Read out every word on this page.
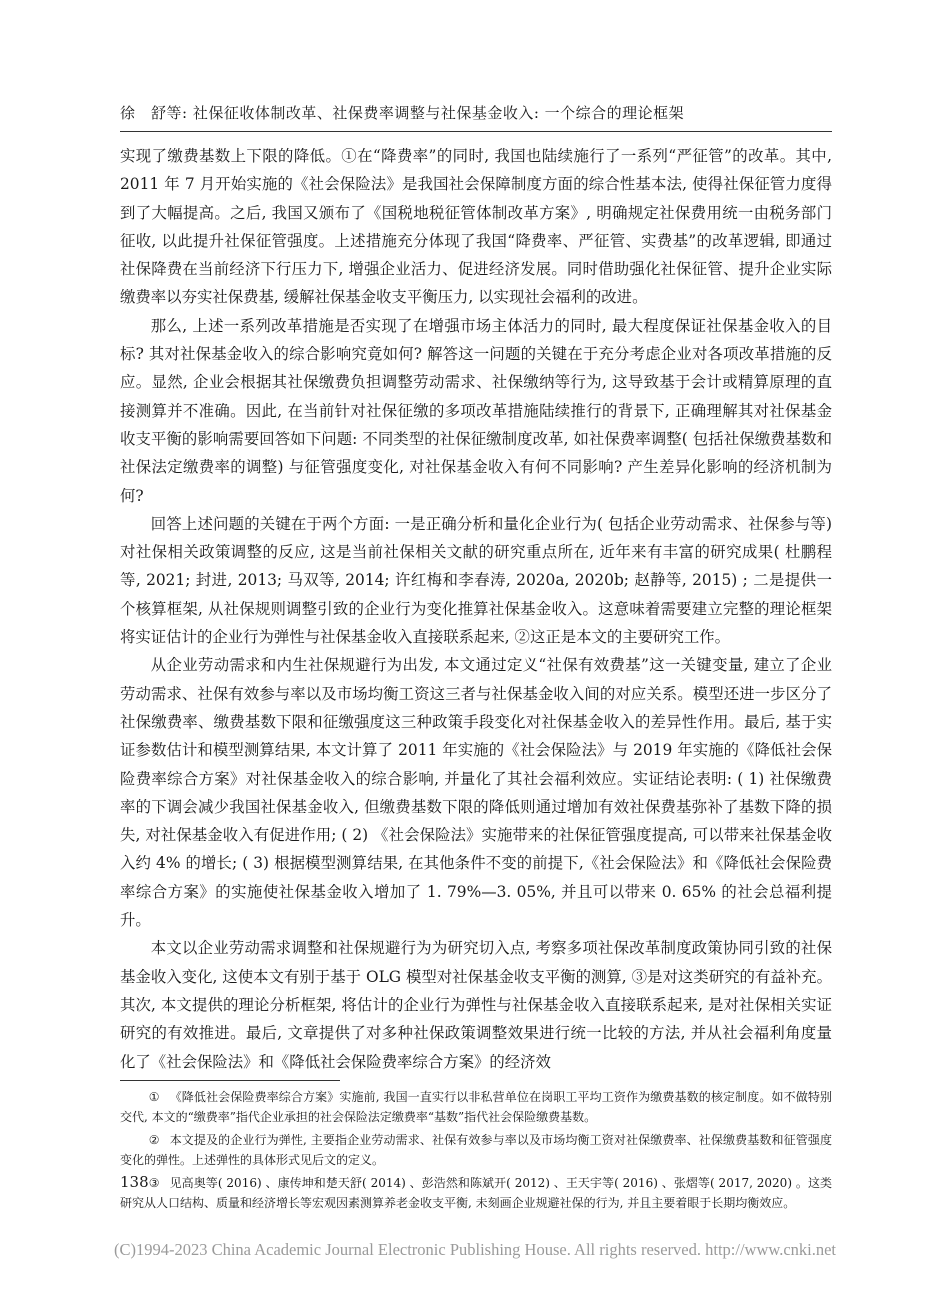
徐　舒等: 社保征收体制改革、社保费率调整与社保基金收入: 一个综合的理论框架

实现了缴费基数上下限的降低。①在“降费率”的同时, 我国也陆续施行了一系列“严征管”的改革。其中, 2011 年 7 月开始实施的《社会保险法》是我国社会保障制度方面的综合性基本法, 使得社保征管力度得到了大幅提高。之后, 我国又颁布了《国税地税征管体制改革方案》, 明确规定社保费用统一由税务部门征收, 以此提升社保征管强度。上述措施充分体现了我国“降费率、严征管、实费基”的改革逻辑, 即通过社保降费在当前经济下行压力下, 增强企业活力、促进经济发展。同时借助强化社保征管、提升企业实际缴费率以夯实社保费基, 缓解社保基金收支平衡压力, 以实现社会福利的改进。

那么, 上述一系列改革措施是否实现了在增强市场主体活力的同时, 最大程度保证社保基金收入的目标? 其对社保基金收入的综合影响究竟如何? 解答这一问题的关键在于充分考虑企业对各项改革措施的反应。显然, 企业会根据其社保缴费负担调整劳动需求、社保缴纳等行为, 这导致基于会计或精算原理的直接测算并不准确。因此, 在当前针对社保征缴的多项改革措施陆续推行的背景下, 正确理解其对社保基金收支平衡的影响需要回答如下问题: 不同类型的社保征缴制度改革, 如社保费率调整( 包括社保缴费基数和社保法定缴费率的调整) 与征管强度变化, 对社保基金收入有何不同影响? 产生差异化影响的经济机制为何?

回答上述问题的关键在于两个方面: 一是正确分析和量化企业行为( 包括企业劳动需求、社保参与等) 对社保相关政策调整的反应, 这是当前社保相关文献的研究重点所在, 近年来有丰富的研究成果( 杜鹏程等, 2021; 封进, 2013; 马双等, 2014; 许红梅和李春涛, 2020a, 2020b; 赵静等, 2015) ; 二是提供一个核算框架, 从社保规则调整引致的企业行为变化推算社保基金收入。这意味着需要建立完整的理论框架将实证估计的企业行为弹性与社保基金收入直接联系起来, ②这正是本文的主要研究工作。

从企业劳动需求和内生社保规避行为出发, 本文通过定义“社保有效费基”这一关键变量, 建立了企业劳动需求、社保有效参与率以及市场均衡工资这三者与社保基金收入间的对应关系。模型还进一步区分了社保缴费率、缴费基数下限和征缴强度这三种政策手段变化对社保基金收入的差异性作用。最后, 基于实证参数估计和模型测算结果, 本文计算了 2011 年实施的《社会保险法》与 2019 年实施的《降低社会保险费率综合方案》对社保基金收入的综合影响, 并量化了其社会福利效应。实证结论表明: ( 1) 社保缴费率的下调会减少我国社保基金收入, 但缴费基数下限的降低则通过增加有效社保费基弥补了基数下降的损失, 对社保基金收入有促进作用; ( 2) 《社会保险法》实施带来的社保征管强度提高, 可以带来社保基金收入约 4% 的增长; ( 3) 根据模型测算结果, 在其他条件不变的前提下,《社会保险法》和《降低社会保险费率综合方案》的实施使社保基金收入增加了 1. 79%—3. 05%, 并且可以带来 0. 65% 的社会总福利提升。

本文以企业劳动需求调整和社保规避行为为研究切入点, 考察多项社保改革制度政策协同引致的社保基金收入变化, 这使本文有别于基于 OLG 模型对社保基金收支平衡的测算, ③是对这类研究的有益补充。其次, 本文提供的理论分析框架, 将估计的企业行为弹性与社保基金收入直接联系起来, 是对社保相关实证研究的有效推进。最后, 文章提供了对多种社保政策调整效果进行统一比较的方法, 并从社会福利角度量化了《社会保险法》和《降低社会保险费率综合方案》的经济效

① 《降低社会保险费率综合方案》实施前, 我国一直实行以非私营单位在岗职工平均工资作为缴费基数的核定制度。如不做特别交代, 本文的“缴费率”指代企业承担的社会保险法定缴费率“基数”指代社会保险缴费基数。

② 本文提及的企业行为弹性, 主要指企业劳动需求、社保有效参与率以及市场均衡工资对社保缴费率、社保缴费基数和征管强度变化的弹性。上述弹性的具体形式见后文的定义。

③ 见高奥等( 2016) 、康传坤和楚天舒( 2014) 、彭浩然和陈斌开( 2012) 、王天宇等( 2016) 、张熠等( 2017, 2020) 。这类研究从人口结构、质量和经济增长等宏观因素测算养老金收支平衡, 未刻画企业规避社保的行为, 并且主要着眼于长期均衡效应。

138
(C)1994-2023 China Academic Journal Electronic Publishing House. All rights reserved. http://www.cnki.net
